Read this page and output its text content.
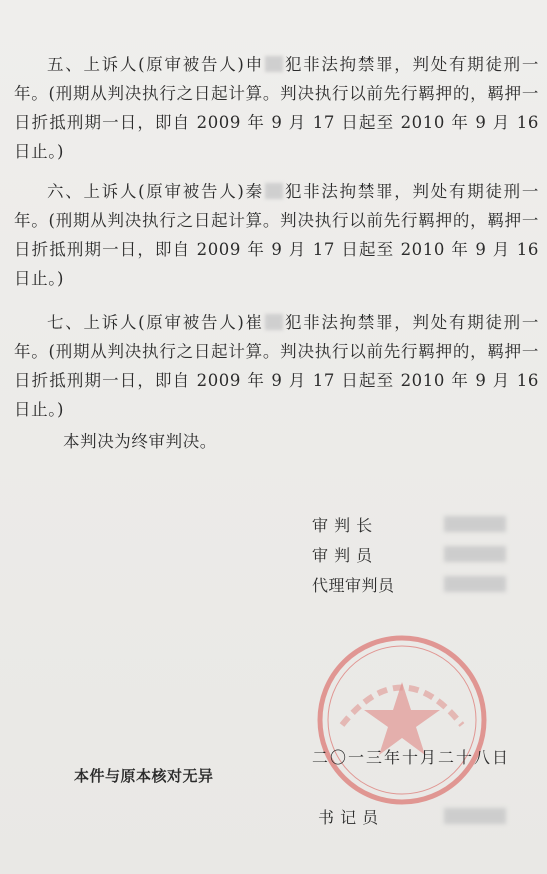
五、上诉人(原审被告人)申 犯非法拘禁罪，判处有期徒刑一年。(刑期从判决执行之日起计算。判决执行以前先行羁押的，羁押一日折抵刑期一日，即自 2009 年 9 月 17 日起至 2010 年 9 月 16 日止。)
六、上诉人(原审被告人)秦 犯非法拘禁罪，判处有期徒刑一年。(刑期从判决执行之日起计算。判决执行以前先行羁押的，羁押一日折抵刑期一日，即自 2009 年 9 月 17 日起至 2010 年 9 月 16 日止。)
七、上诉人(原审被告人)崔 犯非法拘禁罪，判处有期徒刑一年。(刑期从判决执行之日起计算。判决执行以前先行羁押的，羁押一日折抵刑期一日，即自 2009 年 9 月 17 日起至 2010 年 9 月 16 日止。)
本判决为终审判决。
审 判 长
审 判 员
代理审判员
二〇一三年十月二十八日
本件与原本核对无异
书 记 员
